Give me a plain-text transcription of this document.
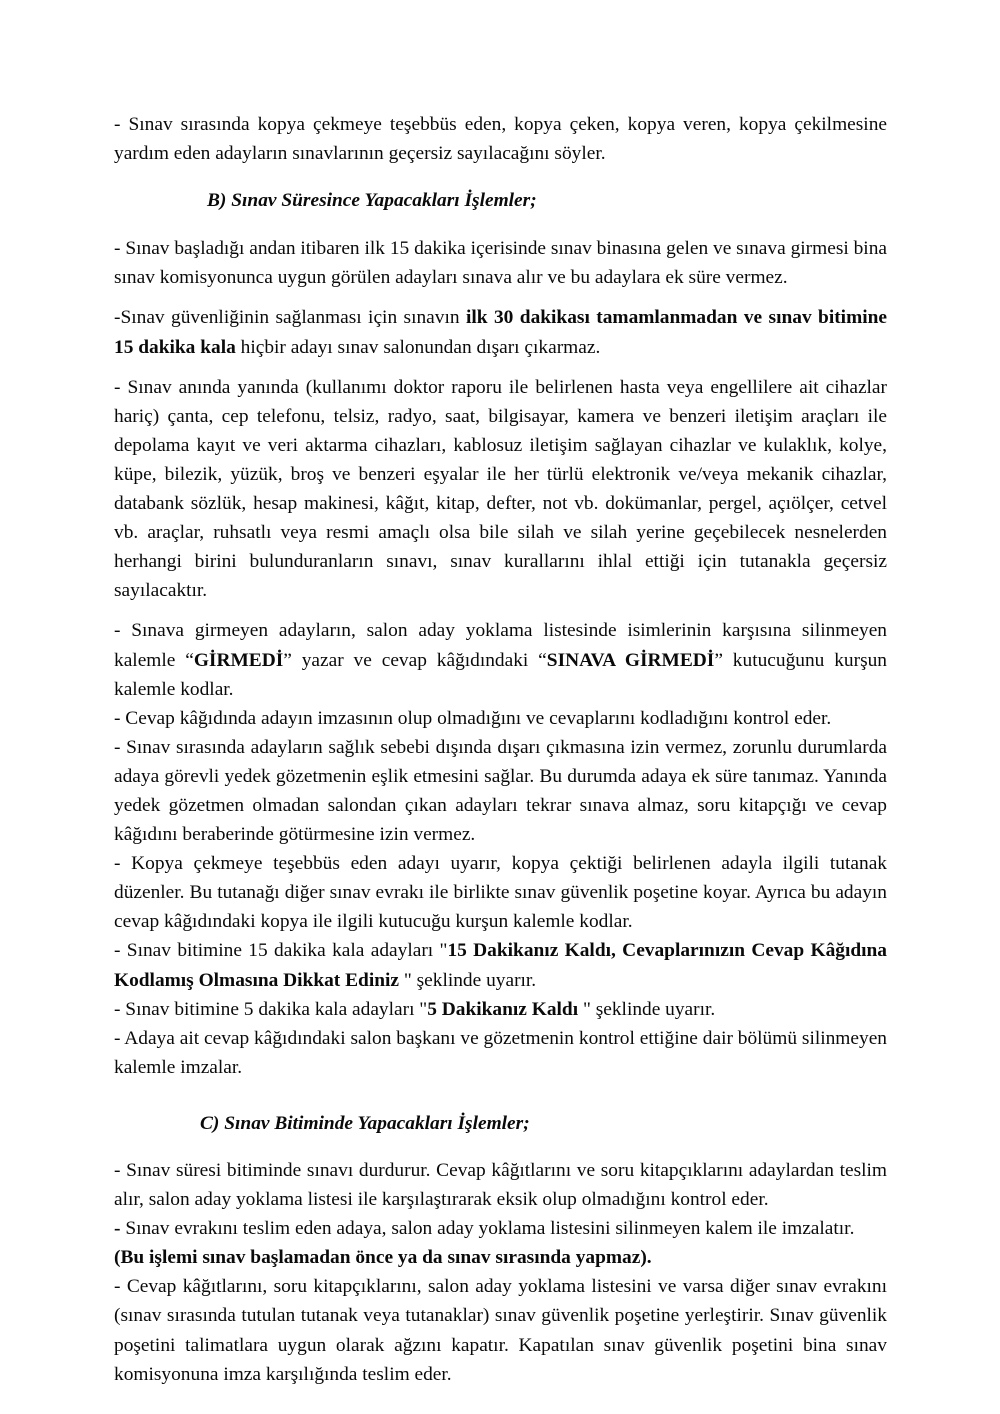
- Sınav sırasında kopya çekmeye teşebbüs eden, kopya çeken, kopya veren, kopya çekilmesine yardım eden adayların sınavlarının geçersiz sayılacağını söyler.

B) Sınav Süresince Yapacakları İşlemler;

- Sınav başladığı andan itibaren ilk 15 dakika içerisinde sınav binasına gelen ve sınava girmesi bina sınav komisyonunca uygun görülen adayları sınava alır ve bu adaylara ek süre vermez.

-Sınav güvenliğinin sağlanması için sınavın ilk 30 dakikası tamamlanmadan ve sınav bitimine 15 dakika kala hiçbir adayı sınav salonundan dışarı çıkarmaz.

- Sınav anında yanında (kullanımı doktor raporu ile belirlenen hasta veya engellilere ait cihazlar hariç) çanta, cep telefonu, telsiz, radyo, saat, bilgisayar, kamera ve benzeri iletişim araçları ile depolama kayıt ve veri aktarma cihazları, kablosuz iletişim sağlayan cihazlar ve kulaklık, kolye, küpe, bilezik, yüzük, broş ve benzeri eşyalar ile her türlü elektronik ve/veya mekanik cihazlar, databank sözlük, hesap makinesi, kâğıt, kitap, defter, not vb. dokümanlar, pergel, açıölçer, cetvel vb. araçlar, ruhsatlı veya resmi amaçlı olsa bile silah ve silah yerine geçebilecek nesnelerden herhangi birini bulunduranların sınavı, sınav kurallarını ihlal ettiği için tutanakla geçersiz sayılacaktır.

- Sınava girmeyen adayların, salon aday yoklama listesinde isimlerinin karşısına silinmeyen kalemle “GİRMEDİ” yazar ve cevap kâğıdındaki “SINAVA GİRMEDİ” kutucuğunu kurşun kalemle kodlar.

- Cevap kâğıdında adayın imzasının olup olmadığını ve cevaplarını kodladığını kontrol eder.

- Sınav sırasında adayların sağlık sebebi dışında dışarı çıkmasına izin vermez, zorunlu durumlarda adaya görevli yedek gözetmenin eşlik etmesini sağlar. Bu durumda adaya ek süre tanımaz. Yanında yedek gözetmen olmadan salondan çıkan adayları tekrar sınava almaz, soru kitapçığı ve cevap kâğıdını beraberinde götürmesine izin vermez.

- Kopya çekmeye teşebbüs eden adayı uyarır, kopya çektiği belirlenen adayla ilgili tutanak düzenler. Bu tutanağı diğer sınav evrakı ile birlikte sınav güvenlik poşetine koyar. Ayrıca bu adayın cevap kâğıdındaki kopya ile ilgili kutucuğu kurşun kalemle kodlar.

- Sınav bitimine 15 dakika kala adayları "15 Dakikanız Kaldı, Cevaplarınızın Cevap Kâğıdına Kodlamış Olmasına Dikkat Ediniz " şeklinde uyarır.

- Sınav bitimine 5 dakika kala adayları "5 Dakikanız Kaldı " şeklinde uyarır.

- Adaya ait cevap kâğıdındaki salon başkanı ve gözetmenin kontrol ettiğine dair bölümü silinmeyen kalemle imzalar.

C) Sınav Bitiminde Yapacakları İşlemler;

- Sınav süresi bitiminde sınavı durdurur. Cevap kâğıtlarını ve soru kitapçıklarını adaylardan teslim alır, salon aday yoklama listesi ile karşılaştırarak eksik olup olmadığını kontrol eder.

- Sınav evrakını teslim eden adaya, salon aday yoklama listesini silinmeyen kalem ile imzalatır.

(Bu işlemi sınav başlamadan önce ya da sınav sırasında yapmaz).

- Cevap kâğıtlarını, soru kitapçıklarını, salon aday yoklama listesini ve varsa diğer sınav evrakını (sınav sırasında tutulan tutanak veya tutanaklar) sınav güvenlik poşetine yerleştirir. Sınav güvenlik poşetini talimatlara uygun olarak ağzını kapatır. Kapatılan sınav güvenlik poşetini bina sınav komisyonuna imza karşılığında teslim eder.
